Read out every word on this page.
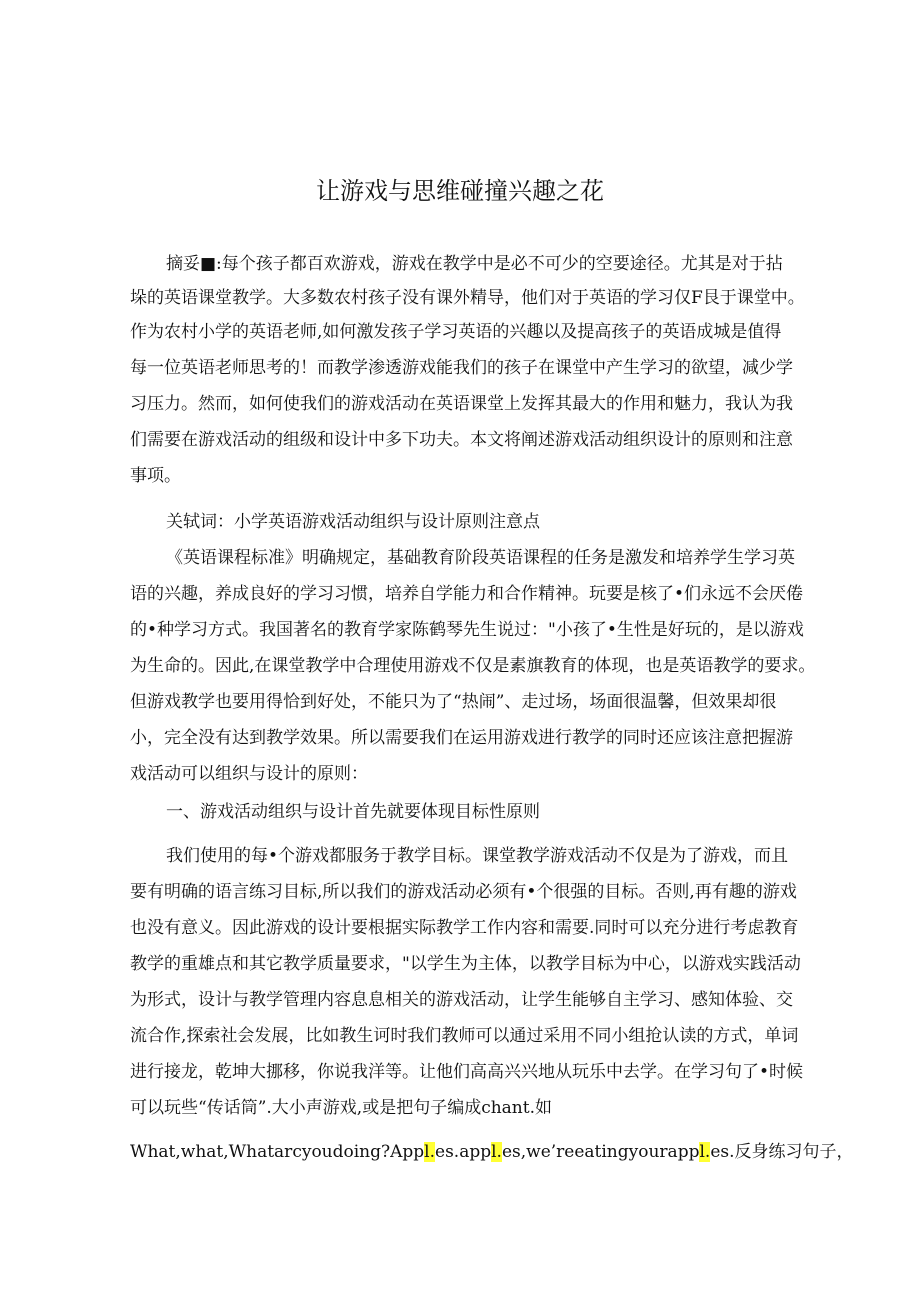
让游戏与思维碰撞兴趣之花
摘妥■:每个孩子都百欢游戏，游戏在教学中是必不可少的空要途径。尤其是对于拈
垛的英语课堂教学。大多数农村孩子没有课外精导，他们对于英语的学习仅F艮于课堂中。
作为农村小学的英语老师,如何激发孩子学习英语的兴趣以及提高孩子的英语成城是值得
每一位英语老师思考的！而教学渗透游戏能我们的孩子在课堂中产生学习的欲望，减少学
习压力。然而，如何使我们的游戏活动在英语课堂上发挥其最大的作用和魅力，我认为我
们需要在游戏活动的组级和设计中多下功夫。本文将阐述游戏活动组织设计的原则和注意
事项。
关轼词：小学英语游戏活动组织与设计原则注意点
《英语课程标准》明确规定，基础教育阶段英语课程的任务是激发和培养学生学习英
语的兴趣，养成良好的学习习惯，培养自学能力和合作精神。玩要是核了•们永远不会厌倦
的•种学习方式。我国著名的教育学家陈鹤琴先生说过："小孩了•生性是好玩的，是以游戏
为生命的。因此,在课堂教学中合理使用游戏不仅是素旗教育的体现，也是英语教学的要求。
但游戏教学也要用得恰到好处，不能只为了“热闹”、走过场，场面很温馨，但效果却很
小，完全没有达到教学效果。所以需要我们在运用游戏进行教学的同时还应该注意把握游
戏活动可以组织与设计的原则：
一、游戏活动组织与设计首先就要体现目标性原则
我们使用的每•个游戏都服务于教学目标。课堂教学游戏活动不仅是为了游戏，而且
要有明确的语言练习目标,所以我们的游戏活动必须有•个很强的目标。否则,再有趣的游戏
也没有意义。因此游戏的设计要根据实际教学工作内容和需要.同时可以充分进行考虑教育
教学的重雄点和其它教学质量要求，"以学生为主体，以教学目标为中心，以游戏实践活动
为形式，设计与教学管理内容息息相关的游戏活动，让学生能够自主学习、感知体验、交
流合作,探索社会发展，比如教生诃时我们教师可以通过采用不同小组抢认读的方式，单词
进行接龙，乾坤大挪移，你说我洋等。让他们高高兴兴地从玩乐中去学。在学习句了•时候
可以玩些“传话筒”.大小声游戏,或是把句子编成chant.如
What,what,Whatarcyoudoing?Appl.es.appl.es,we’reeatingyourappl.es.反身练习句子，
